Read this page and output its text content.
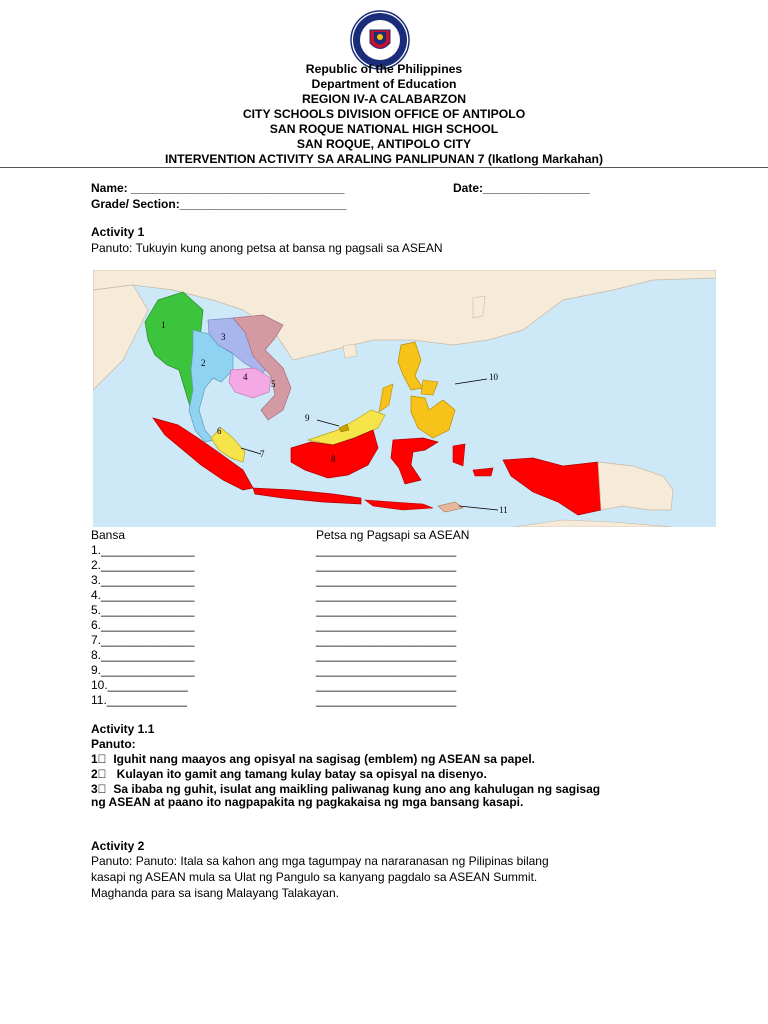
Republic of the Philippines
Department of Education
REGION IV-A CALABARZON
CITY SCHOOLS DIVISION OFFICE OF ANTIPOLO
SAN ROQUE NATIONAL HIGH SCHOOL
SAN ROQUE, ANTIPOLO CITY
INTERVENTION ACTIVITY SA ARALING PANLIPUNAN 7 (Ikatlong Markahan)
Name: ________________________________	Date:________________
Grade/ Section:_________________________
Activity 1
Panuto: Tukuyin kung anong petsa at bansa ng pagsali sa ASEAN
1
2
3
4
5
6
7	8
9
10
11
Bansa	Petsa ng Pagsapi sa ASEAN
1.______________	_____________________
2.______________	_____________________
3.______________	_____________________
4.______________	_____________________
5.______________	_____________________
6.______________	_____________________
7.______________	_____________________
8.______________	_____________________
9.______________	_____________________
10.____________	_____________________
11.____________	_____________________
Activity 1.1
Panuto:
1   Iguhit nang maayos ang opisyal na sagisag (emblem) ng ASEAN sa papel.
2    Kulayan ito gamit ang tamang kulay batay sa opisyal na disenyo.
3   Sa ibaba ng guhit, isulat ang maikling paliwanag kung ano ang kahulugan ng sagisag
ng ASEAN at paano ito nagpapakita ng pagkakaisa ng mga bansang kasapi.
Activity 2
Panuto: Panuto: Itala sa kahon ang mga tagumpay na nararanasan ng Pilipinas bilang
kasapi ng ASEAN mula sa Ulat ng Pangulo sa kanyang pagdalo sa ASEAN Summit.
Maghanda para sa isang Malayang Talakayan.
